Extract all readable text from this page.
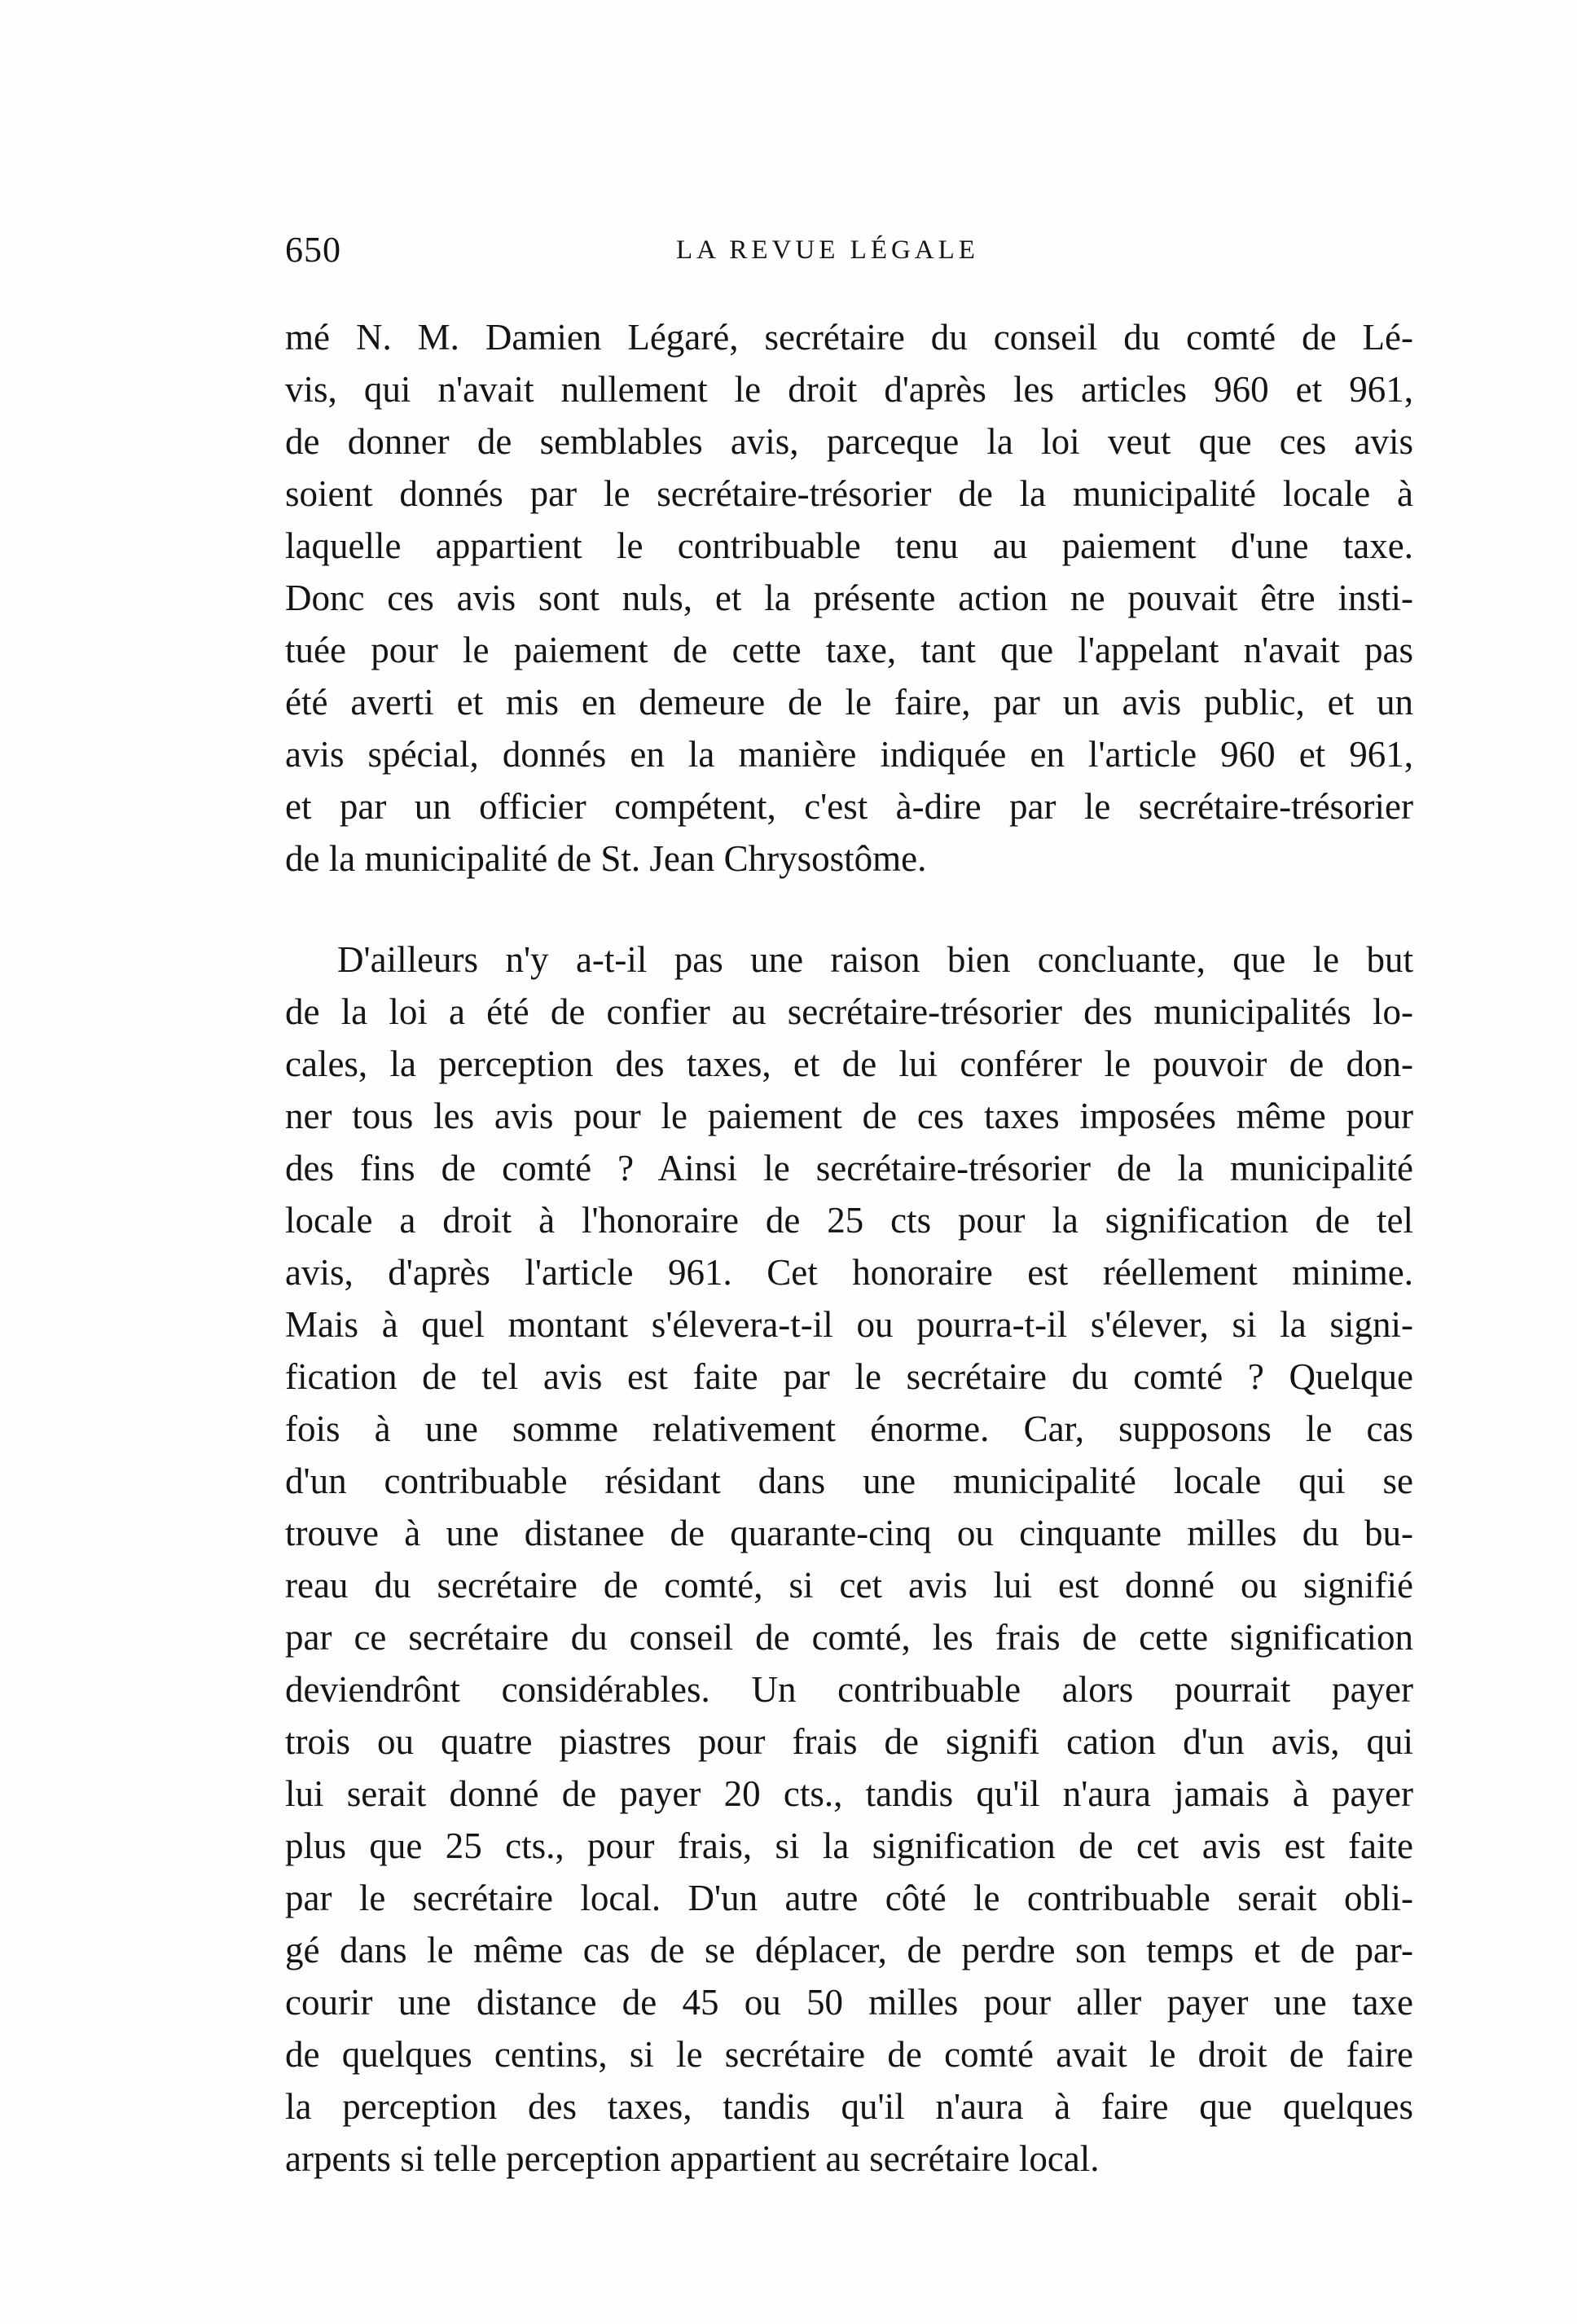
650	LA REVUE LÉGALE
mé N. M. Damien Légaré, secrétaire du conseil du comté de Lé-
vis, qui n'avait nullement le droit d'après les articles 960 et 961,
de donner de semblables avis, parceque la loi veut que ces avis
soient donnés par le secrétaire-trésorier de la municipalité locale à
laquelle appartient le contribuable tenu au paiement d'une taxe.
Donc ces avis sont nuls, et la présente action ne pouvait être insti-
tuée pour le paiement de cette taxe, tant que l'appelant n'avait pas
été averti et mis en demeure de le faire, par un avis public, et un
avis spécial, donnés en la manière indiquée en l'article 960 et 961,
et par un officier compétent, c'est à-dire par le secrétaire-trésorier
de la municipalité de St. Jean Chrysostôme.
D'ailleurs n'y a-t-il pas une raison bien concluante, que le but
de la loi a été de confier au secrétaire-trésorier des municipalités lo-
cales, la perception des taxes, et de lui conférer le pouvoir de don-
ner tous les avis pour le paiement de ces taxes imposées même pour
des fins de comté ? Ainsi le secrétaire-trésorier de la municipalité
locale a droit à l'honoraire de 25 cts pour la signification de tel
avis, d'après l'article 961. Cet honoraire est réellement minime.
Mais à quel montant s'élevera-t-il ou pourra-t-il s'élever, si la signi-
fication de tel avis est faite par le secrétaire du comté ? Quelque
fois à une somme relativement énorme. Car, supposons le cas
d'un contribuable résidant dans une municipalité locale qui se
trouve à une distanee de quarante-cinq ou cinquante milles du bu-
reau du secrétaire de comté, si cet avis lui est donné ou signifié
par ce secrétaire du conseil de comté, les frais de cette signification
deviendrônt considérables. Un contribuable alors pourrait payer
trois ou quatre piastres pour frais de signifi cation d'un avis, qui
lui serait donné de payer 20 cts., tandis qu'il n'aura jamais à payer
plus que 25 cts., pour frais, si la signification de cet avis est faite
par le secrétaire local. D'un autre côté le contribuable serait obli-
gé dans le même cas de se déplacer, de perdre son temps et de par-
courir une distance de 45 ou 50 milles pour aller payer une taxe
de quelques centins, si le secrétaire de comté avait le droit de faire
la perception des taxes, tandis qu'il n'aura à faire que quelques
arpents si telle perception appartient au secrétaire local.
